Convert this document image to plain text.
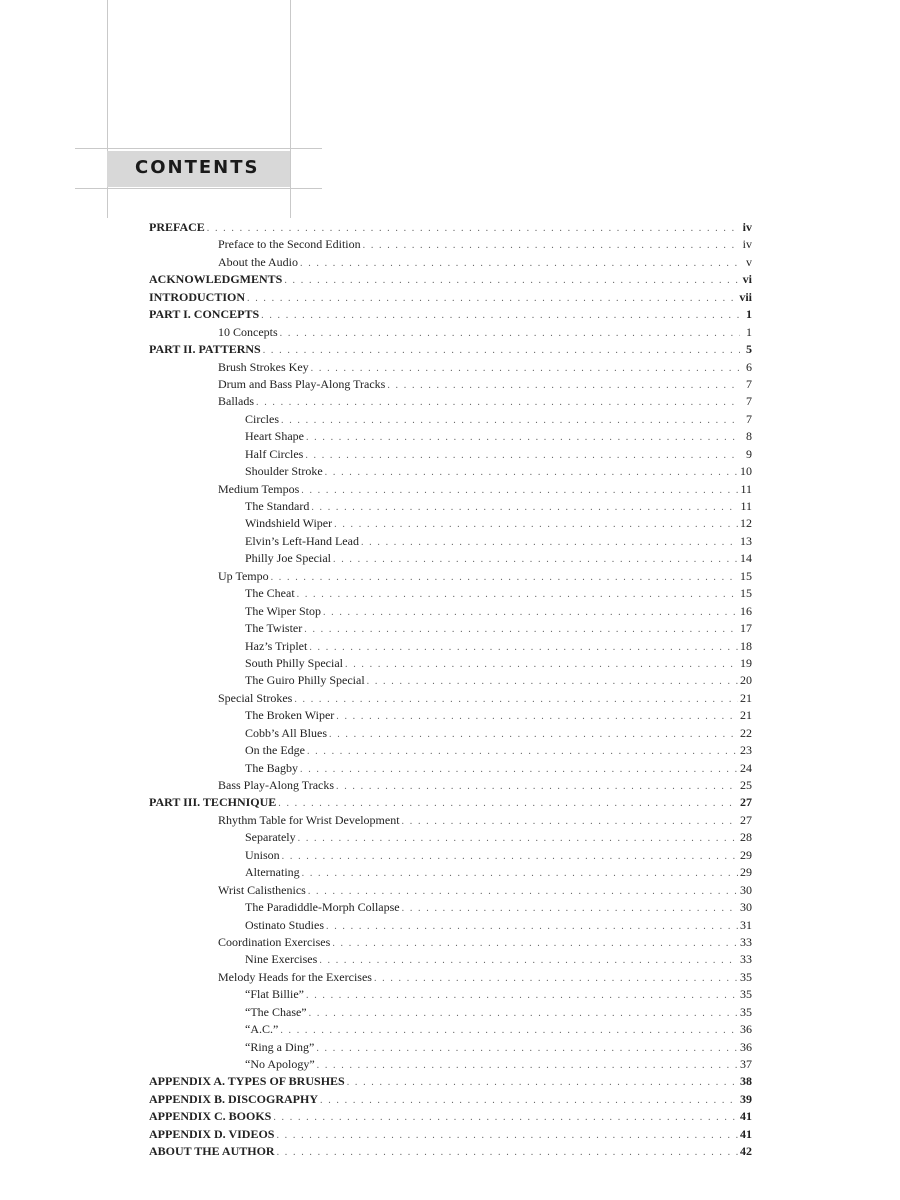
CONTENTS
PREFACE . . .	iv
Preface to the Second Edition . . .	iv
About the Audio . . .	v
ACKNOWLEDGMENTS . . .	vi
INTRODUCTION . . .	vii
PART I. CONCEPTS . . .	1
10 Concepts . . .	1
PART II. PATTERNS . . .	5
Brush Strokes Key . . .	6
Drum and Bass Play-Along Tracks . . .	7
Ballads . . .	7
Circles . . .	7
Heart Shape . . .	8
Half Circles . . .	9
Shoulder Stroke . . .	10
Medium Tempos . . .	11
The Standard . . .	11
Windshield Wiper . . .	12
Elvin’s Left-Hand Lead . . .	13
Philly Joe Special . . .	14
Up Tempo . . .	15
The Cheat . . .	15
The Wiper Stop . . .	16
The Twister . . .	17
Haz’s Triplet . . .	18
South Philly Special . . .	19
The Guiro Philly Special . . .	20
Special Strokes . . .	21
The Broken Wiper . . .	21
Cobb’s All Blues . . .	22
On the Edge . . .	23
The Bagby . . .	24
Bass Play-Along Tracks . . .	25
PART III. TECHNIQUE . . .	27
Rhythm Table for Wrist Development . . .	27
Separately . . .	28
Unison . . .	29
Alternating . . .	29
Wrist Calisthenics . . .	30
The Paradiddle-Morph Collapse . . .	30
Ostinato Studies . . .	31
Coordination Exercises . . .	33
Nine Exercises . . .	33
Melody Heads for the Exercises . . .	35
“Flat Billie” . . .	35
“The Chase” . . .	35
“A.C.” . . .	36
“Ring a Ding” . . .	36
“No Apology” . . .	37
APPENDIX A. TYPES OF BRUSHES . . .	38
APPENDIX B. DISCOGRAPHY . . .	39
APPENDIX C. BOOKS . . .	41
APPENDIX D. VIDEOS . . .	41
ABOUT THE AUTHOR . . .	42
